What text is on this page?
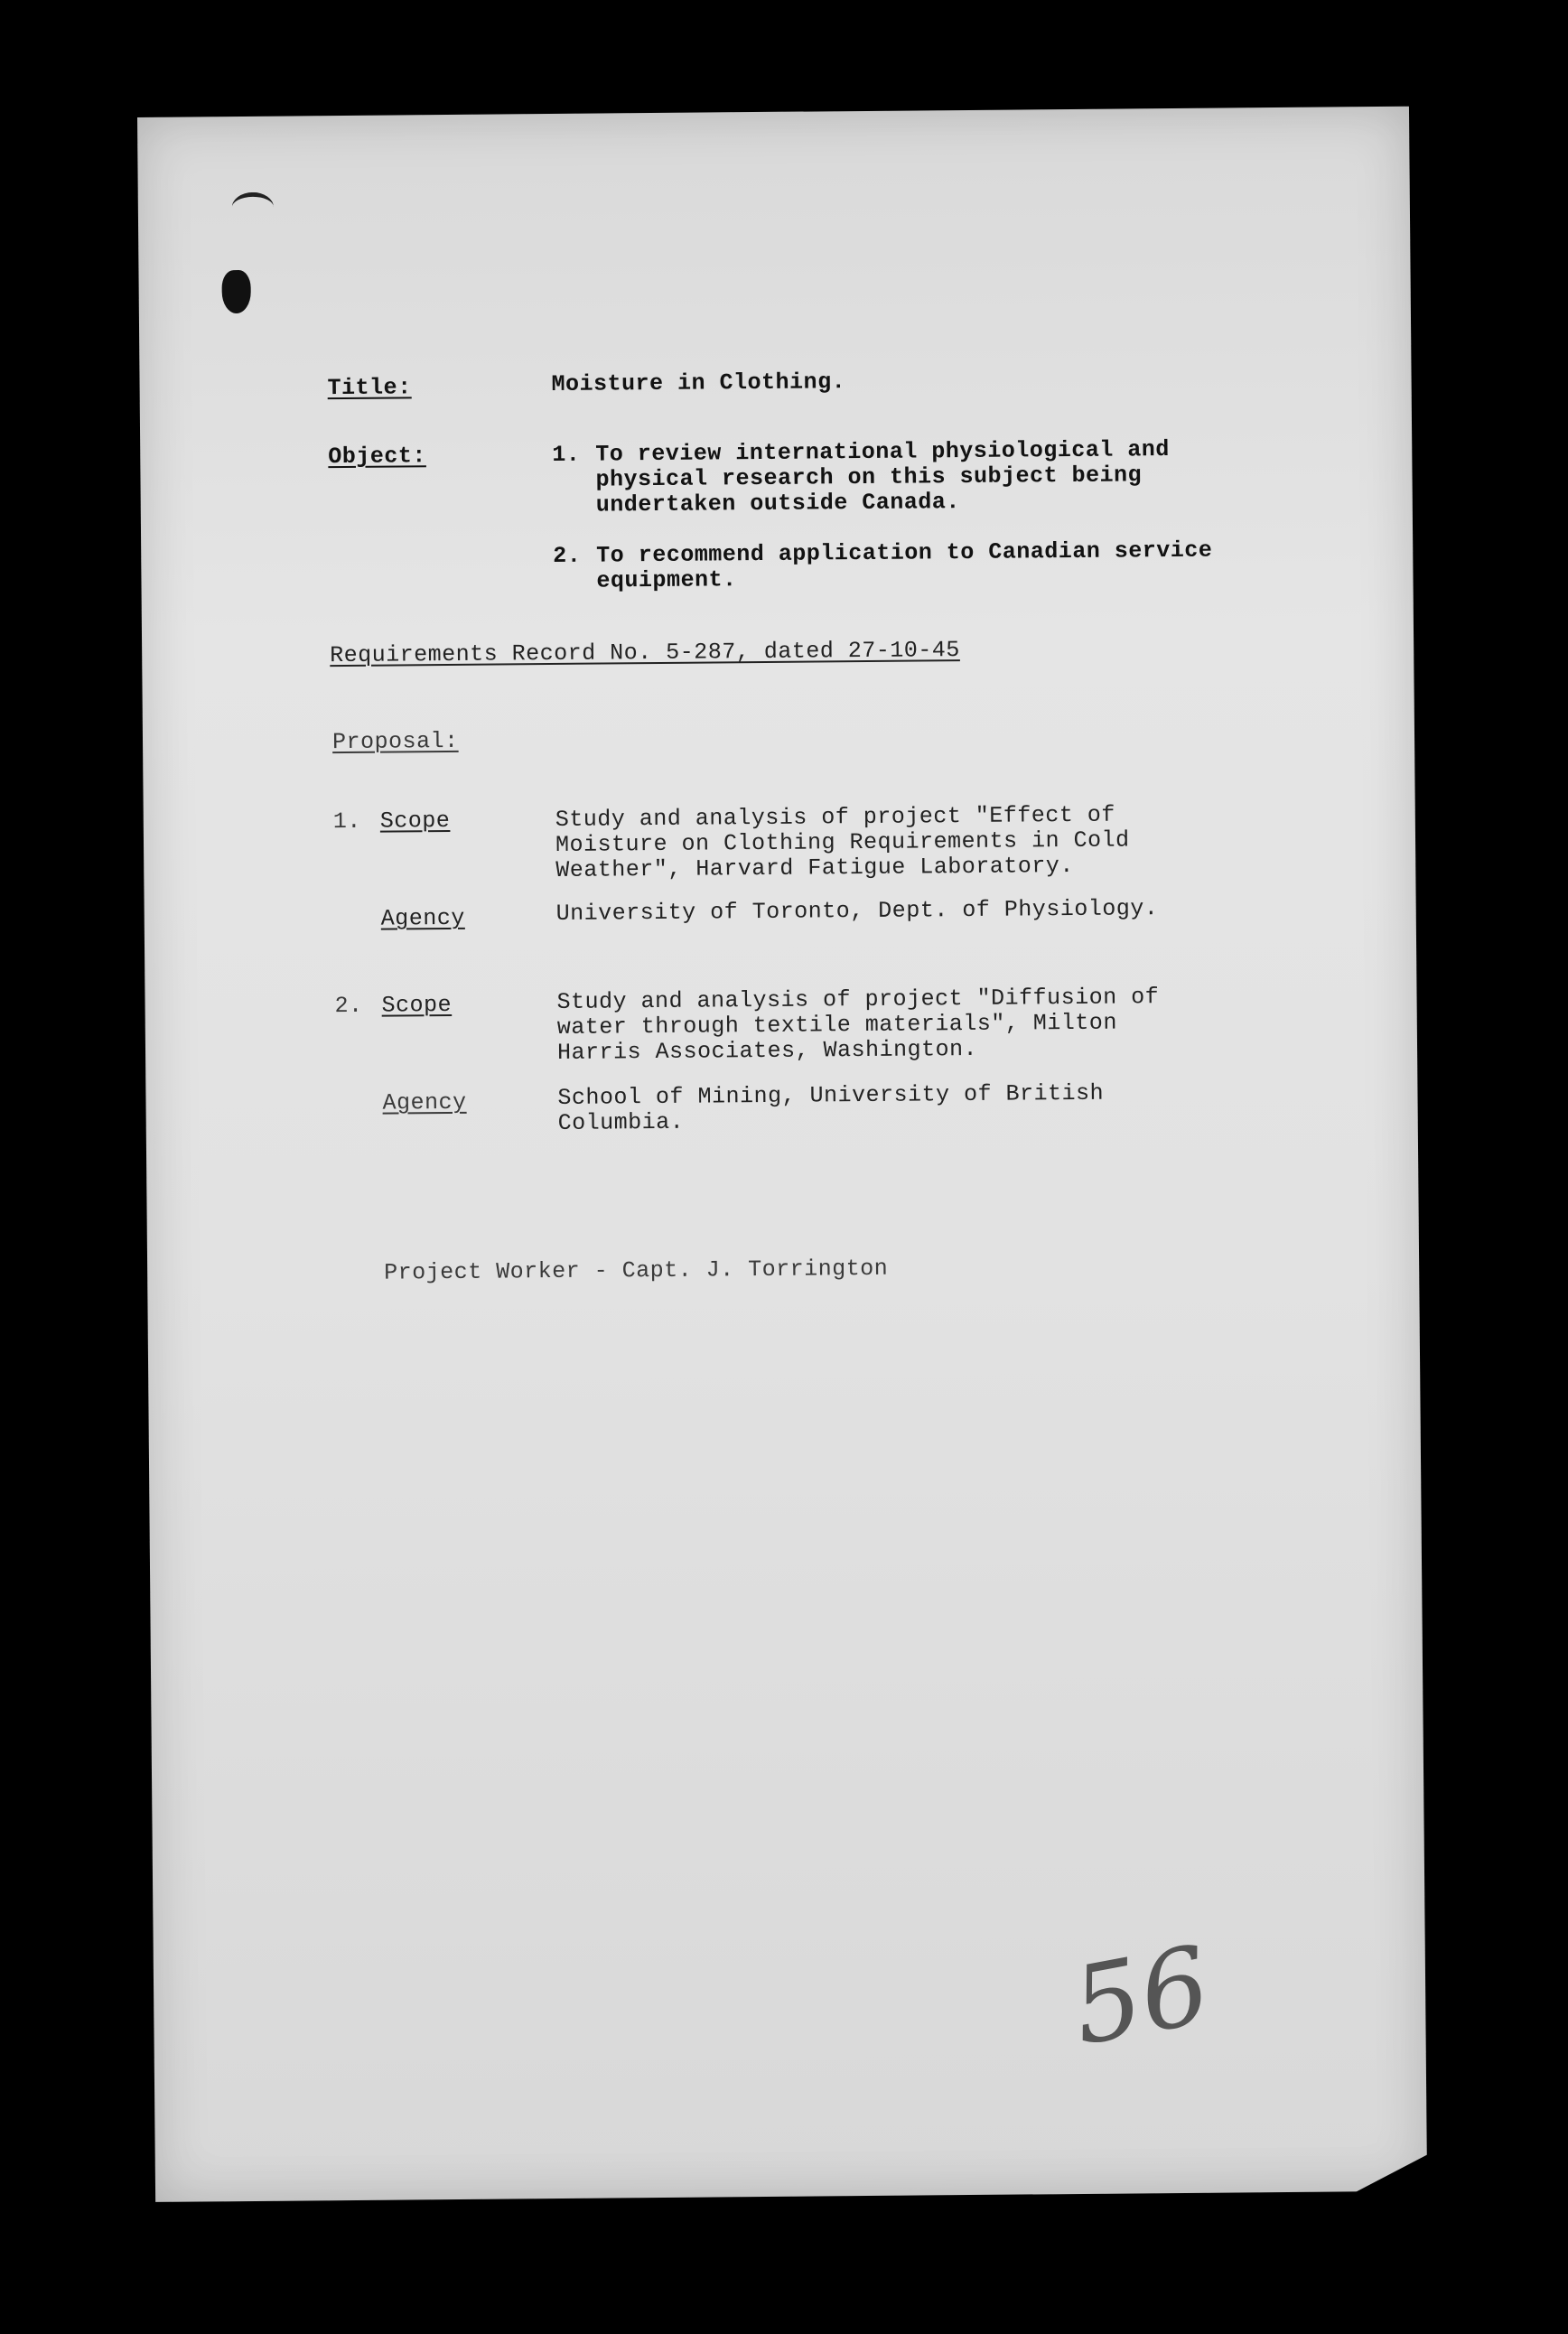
Title:	Moisture in Clothing.
Object:	1. To review international physiological and
physical research on this subject being
undertaken outside Canada.
2. To recommend application to Canadian service
equipment.
Requirements Record No. 5-287, dated 27-10-45
Proposal:
1. Scope	Study and analysis of project "Effect of
Moisture on Clothing Requirements in Cold
Weather", Harvard Fatigue Laboratory.
Agency	University of Toronto, Dept. of Physiology.
2. Scope	Study and analysis of project "Diffusion of
water through textile materials", Milton
Harris Associates, Washington.
Agency	School of Mining, University of British
Columbia.
Project Worker - Capt. J. Torrington
56
